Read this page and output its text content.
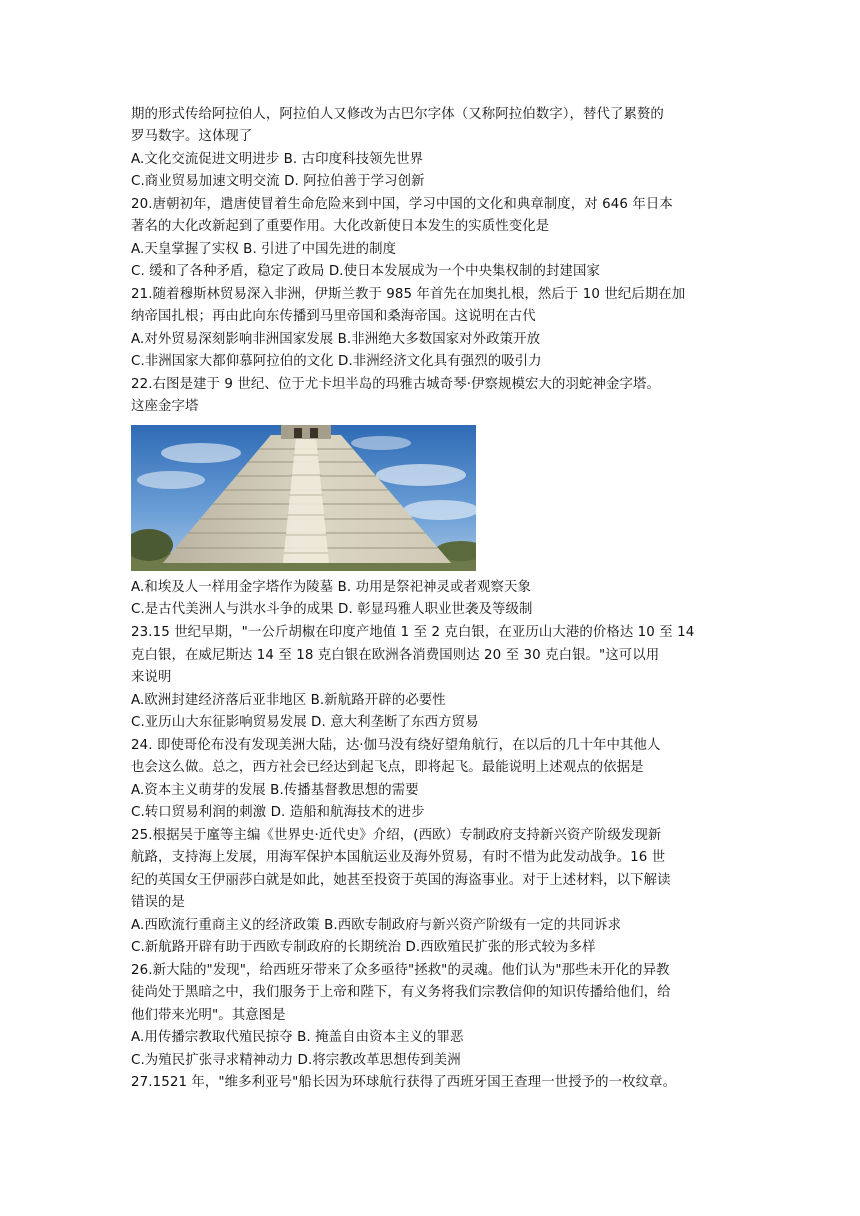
期的形式传给阿拉伯人，阿拉伯人又修改为古巴尔字体（又称阿拉伯数字），替代了累赘的
罗马数字。这体现了
A.文化交流促进文明进步 B. 古印度科技领先世界
C.商业贸易加速文明交流 D. 阿拉伯善于学习创新
20.唐朝初年，遣唐使冒着生命危险来到中国，学习中国的文化和典章制度，对 646 年日本
著名的大化改新起到了重要作用。大化改新使日本发生的实质性变化是
A.天皇掌握了实权 B. 引进了中国先进的制度
C. 缓和了各种矛盾，稳定了政局 D.使日本发展成为一个中央集权制的封建国家
21.随着穆斯林贸易深入非洲，伊斯兰教于 985 年首先在加奥扎根，然后于 10 世纪后期在加
纳帝国扎根；再由此向东传播到马里帝国和桑海帝国。这说明在古代
A.对外贸易深刻影响非洲国家发展 B.非洲绝大多数国家对外政策开放
C.非洲国家大都仰慕阿拉伯的文化 D.非洲经济文化具有强烈的吸引力
22.右图是建于 9 世纪、位于尤卡坦半岛的玛雅古城奇琴·伊察规模宏大的羽蛇神金字塔。
这座金字塔
A.和埃及人一样用金字塔作为陵墓 B. 功用是祭祀神灵或者观察天象
C.是古代美洲人与洪水斗争的成果 D. 彰显玛雅人职业世袭及等级制
23.15 世纪早期，"一公斤胡椒在印度产地值 1 至 2 克白银，在亚历山大港的价格达 10 至 14
克白银，在威尼斯达 14 至 18 克白银在欧洲各消费国则达 20 至 30 克白银。"这可以用
来说明
A.欧洲封建经济落后亚非地区 B.新航路开辟的必要性
C.亚历山大东征影响贸易发展 D. 意大利垄断了东西方贸易
24. 即使哥伦布没有发现美洲大陆，达·伽马没有绕好望角航行，在以后的几十年中其他人
也会这么做。总之，西方社会已经达到起飞点，即将起飞。最能说明上述观点的依据是
A.资本主义萌芽的发展 B.传播基督教思想的需要
C.转口贸易利润的刺激 D. 造船和航海技术的进步
25.根据吴于廑等主编《世界史·近代史》介绍，(西欧）专制政府支持新兴资产阶级发现新
航路，支持海上发展，用海军保护本国航运业及海外贸易，有时不惜为此发动战争。16 世
纪的英国女王伊丽莎白就是如此，她甚至投资于英国的海盗事业。对于上述材料，以下解读
错误的是
A.西欧流行重商主义的经济政策 B.西欧专制政府与新兴资产阶级有一定的共同诉求
C.新航路开辟有助于西欧专制政府的长期统治 D.西欧殖民扩张的形式较为多样
26.新大陆的"发现"，给西班牙带来了众多亟待"拯救"的灵魂。他们认为"那些未开化的异教
徒尚处于黑暗之中，我们服务于上帝和陛下，有义务将我们宗教信仰的知识传播给他们，给
他们带来光明"。其意图是
A.用传播宗教取代殖民掠夺 B. 掩盖自由资本主义的罪恶
C.为殖民扩张寻求精神动力 D.将宗教改革思想传到美洲
27.1521 年，"维多利亚号"船长因为环球航行获得了西班牙国王查理一世授予的一枚纹章。
